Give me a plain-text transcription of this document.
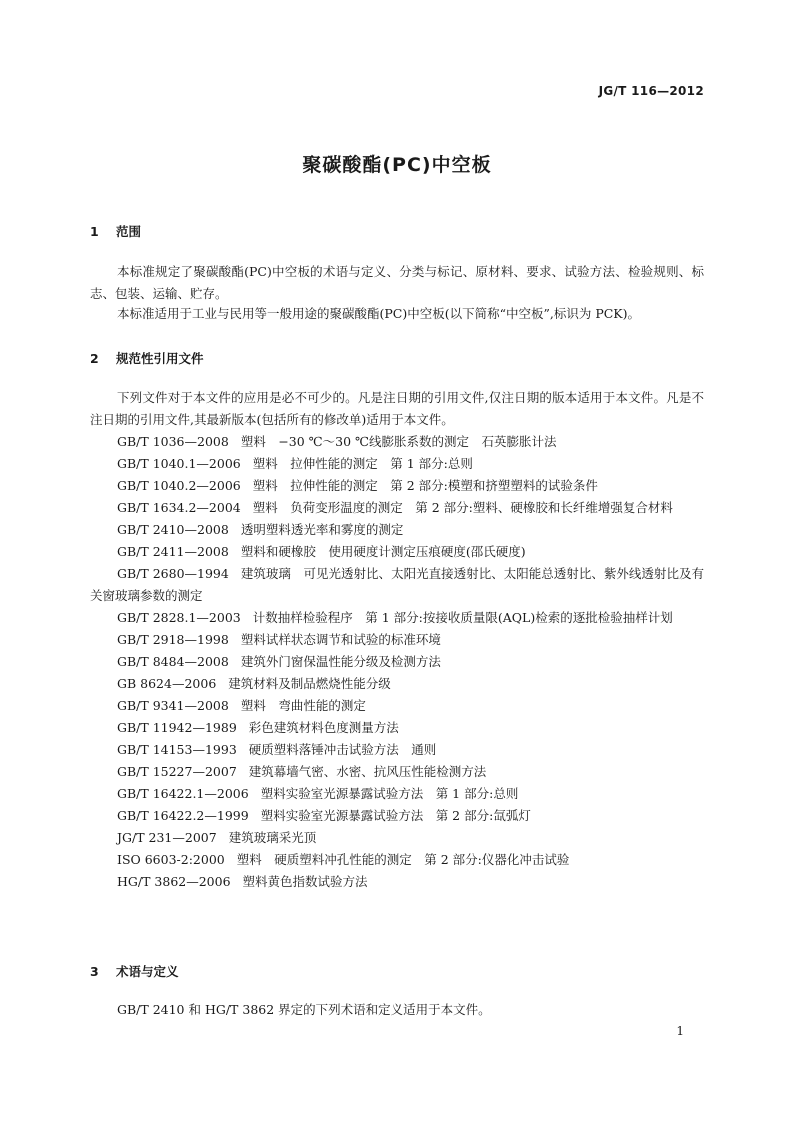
JG/T 116—2012
聚碳酸酯(PC)中空板
1 范围

本标准规定了聚碳酸酯(PC)中空板的术语与定义、分类与标记、原材料、要求、试验方法、检验规则、标志、包装、运输、贮存。

本标准适用于工业与民用等一般用途的聚碳酸酯(PC)中空板(以下简称“中空板”,标识为 PCK)。

2 规范性引用文件

下列文件对于本文件的应用是必不可少的。凡是注日期的引用文件,仅注日期的版本适用于本文件。凡是不注日期的引用文件,其最新版本(包括所有的修改单)适用于本文件。

GB/T 1036—2008 塑料　−30 ℃～30 ℃线膨胀系数的测定　石英膨胀计法
GB/T 1040.1—2006 塑料　拉伸性能的测定　第 1 部分:总则
GB/T 1040.2—2006 塑料　拉伸性能的测定　第 2 部分:模塑和挤塑塑料的试验条件
GB/T 1634.2—2004 塑料　负荷变形温度的测定　第 2 部分:塑料、硬橡胶和长纤维增强复合材料
GB/T 2410—2008 透明塑料透光率和雾度的测定
GB/T 2411—2008 塑料和硬橡胶　使用硬度计测定压痕硬度(邵氏硬度)
GB/T 2680—1994 建筑玻璃　可见光透射比、太阳光直接透射比、太阳能总透射比、紫外线透射比及有关窗玻璃参数的测定
GB/T 2828.1—2003 计数抽样检验程序　第 1 部分:按接收质量限(AQL)检索的逐批检验抽样计划
GB/T 2918—1998 塑料试样状态调节和试验的标准环境
GB/T 8484—2008 建筑外门窗保温性能分级及检测方法
GB 8624—2006 建筑材料及制品燃烧性能分级
GB/T 9341—2008 塑料　弯曲性能的测定
GB/T 11942—1989 彩色建筑材料色度测量方法
GB/T 14153—1993 硬质塑料落锤冲击试验方法　通则
GB/T 15227—2007 建筑幕墙气密、水密、抗风压性能检测方法
GB/T 16422.1—2006 塑料实验室光源暴露试验方法　第 1 部分:总则
GB/T 16422.2—1999 塑料实验室光源暴露试验方法　第 2 部分:氙弧灯
JG/T 231—2007 建筑玻璃采光顶
ISO 6603-2:2000 塑料　硬质塑料冲孔性能的测定　第 2 部分:仪器化冲击试验
HG/T 3862—2006 塑料黄色指数试验方法
3 术语与定义

GB/T 2410 和 HG/T 3862 界定的下列术语和定义适用于本文件。

1
